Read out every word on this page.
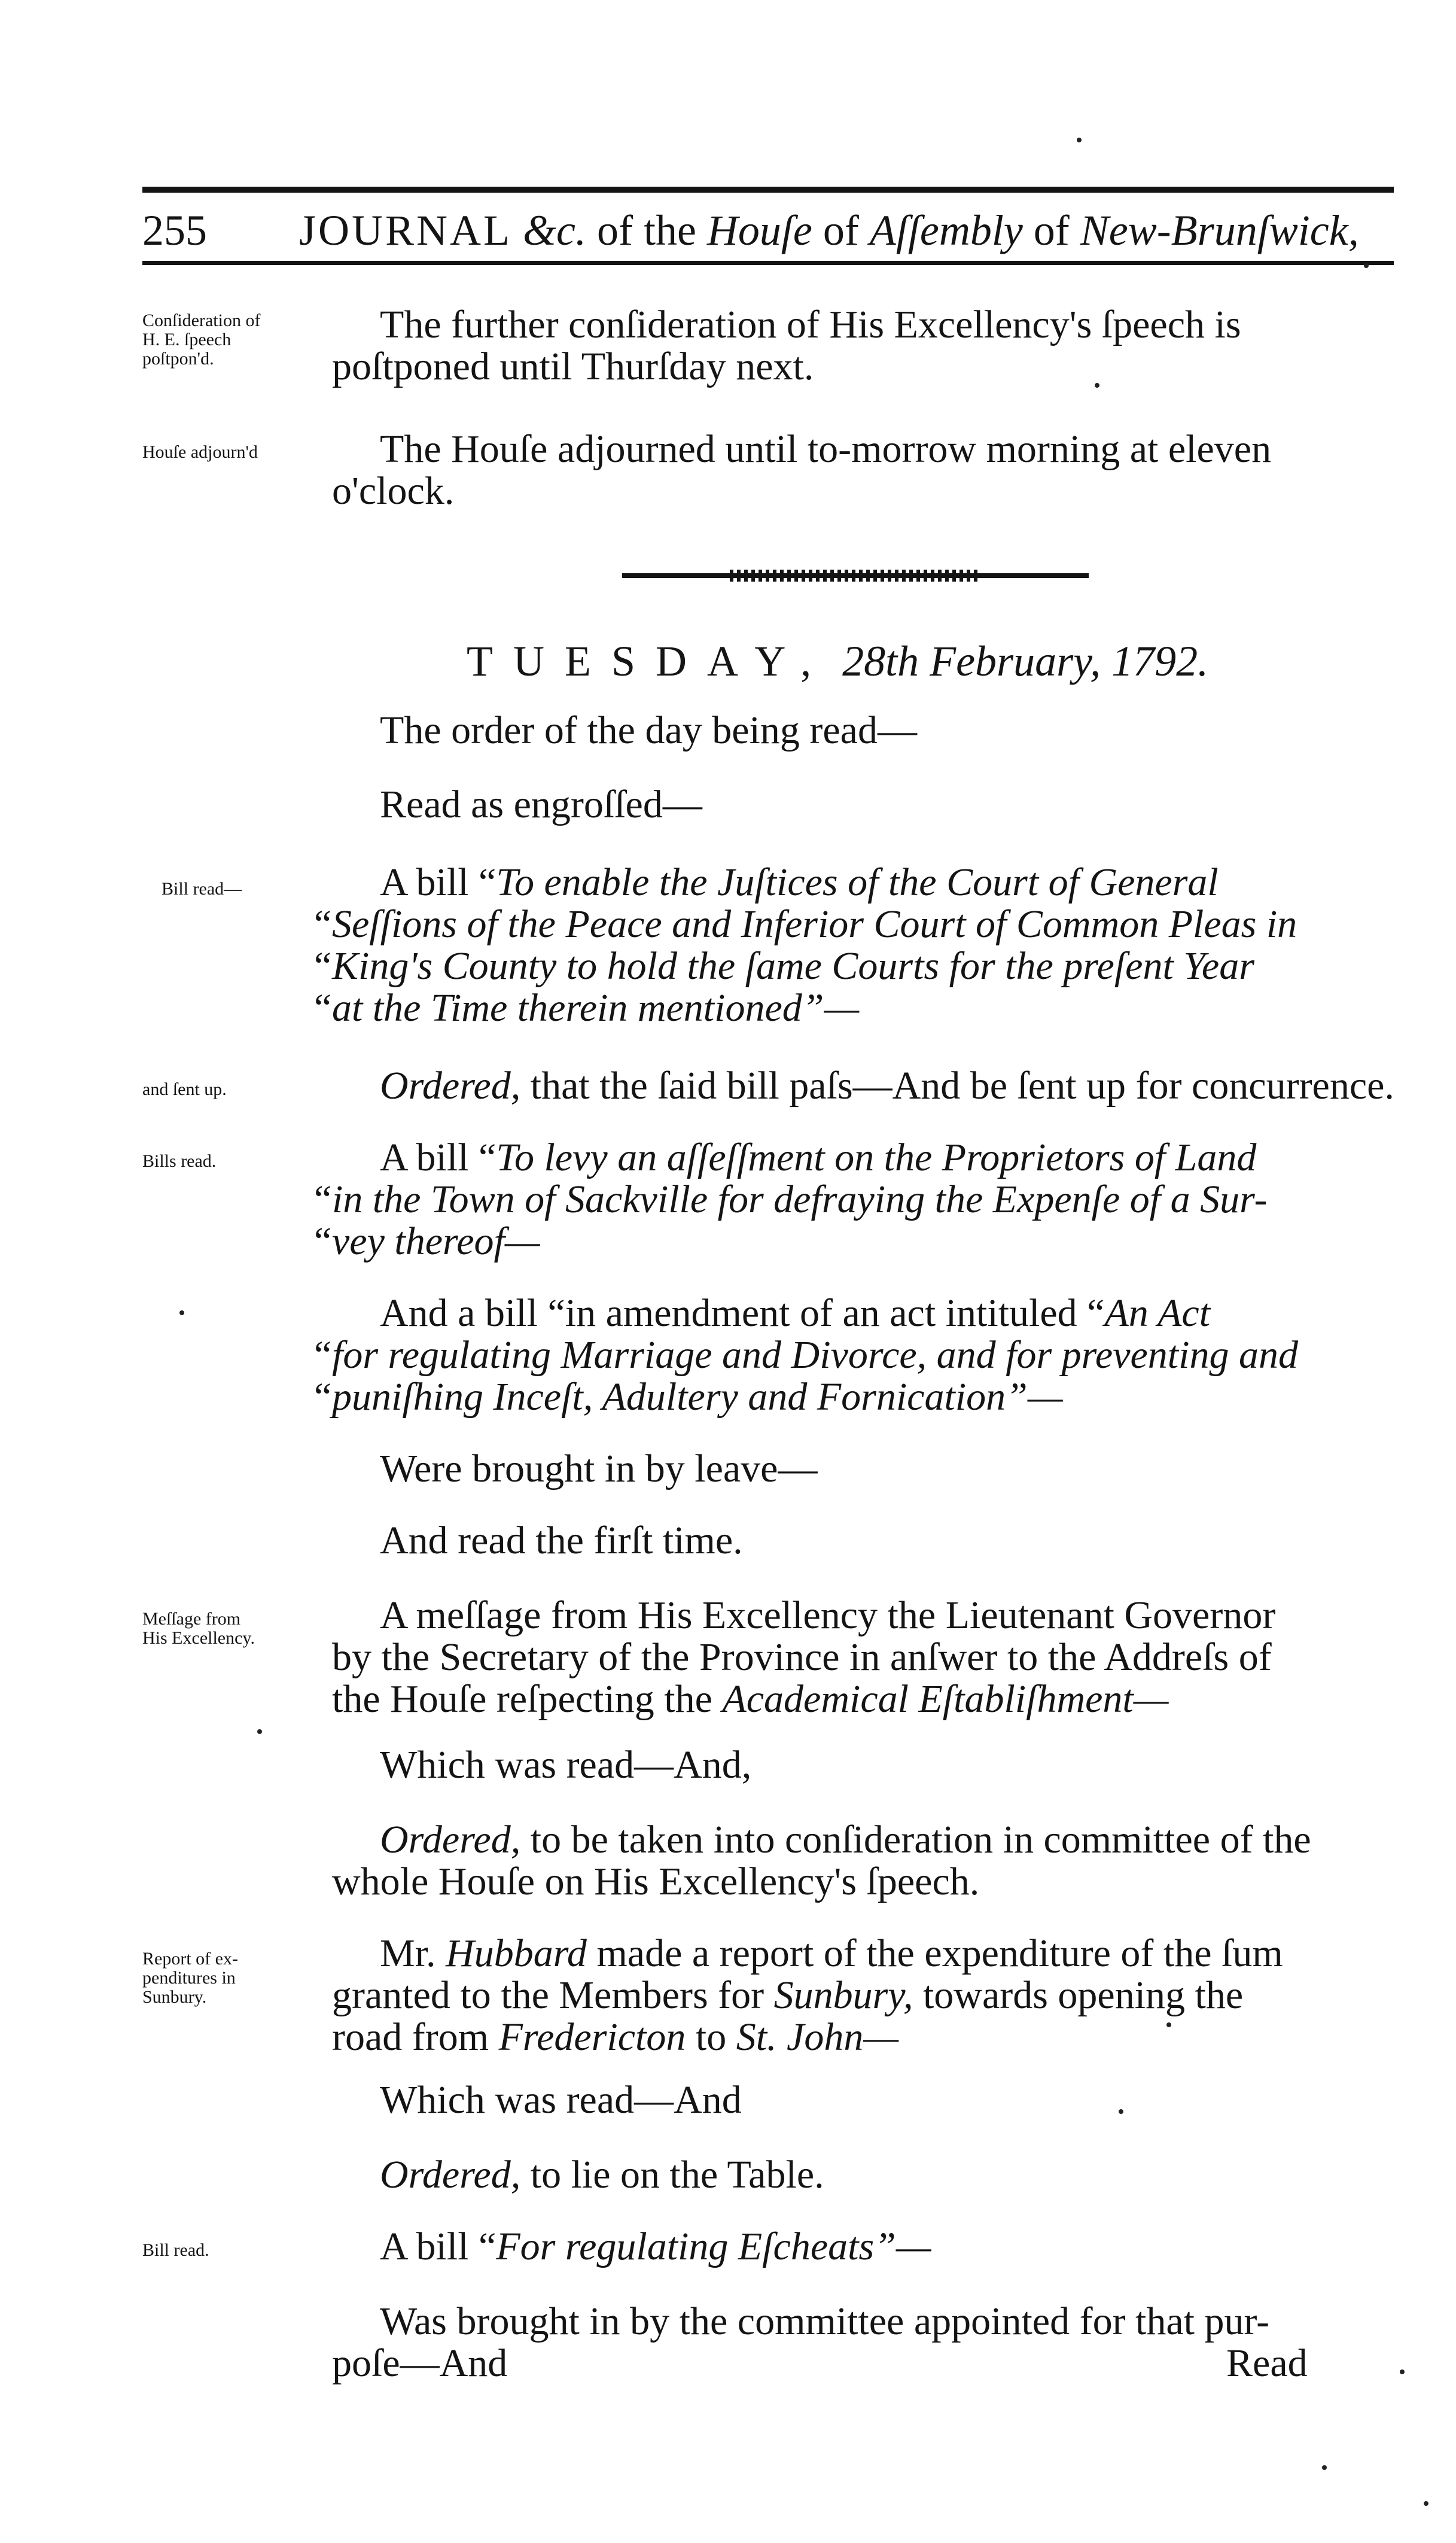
255 JOURNAL &c. of the Houſe of Aſſembly of New-Brunſwick,
Conſideration of
H. E. ſpeech
poſtpon'd.
The further conſideration of His Excellency's ſpeech is
poſtponed until Thurſday next.
Houſe adjourn'd	The Houſe adjourned until to-morrow morning at eleven
o'clock.
TUESDAY, 28th February, 1792.
The order of the day being read—
Read as engroſſed—
Bill read—	A bill “To enable the Juſtices of the Court of General
“ Seſſions of the Peace and Inferior Court of Common Pleas in
“ King's County to hold the ſame Courts for the preſent Year
“ at the Time therein mentioned”—
and ſent up.	Ordered, that the ſaid bill paſs—And be ſent up for concurrence.
Bills read.	A bill “To levy an aſſeſſment on the Proprietors of Land
“ in the Town of Sackville for defraying the Expenſe of a Sur-
“ vey thereof—
And a bill “in amendment of an act intituled “An Act
“ for regulating Marriage and Divorce, and for preventing and
“ puniſhing Inceſt, Adultery and Fornication”—
Were brought in by leave—
And read the firſt time.
Meſſage from
His Excellency.
A meſſage from His Excellency the Lieutenant Governor
by the Secretary of the Province in anſwer to the Addreſs of
the Houſe reſpecting the Academical Eſtabliſhment—
Which was read—And,
Ordered, to be taken into conſideration in committee of the
whole Houſe on His Excellency's ſpeech.
Report of ex-
penditures in
Sunbury.
Mr. Hubbard made a report of the expenditure of the ſum
granted to the Members for Sunbury, towards opening the
road from Fredericton to St. John—
Which was read—And
Ordered, to lie on the Table.
Bill read.	A bill “For regulating Eſcheats”—
Was brought in by the committee appointed for that pur-
poſe—And	Read
